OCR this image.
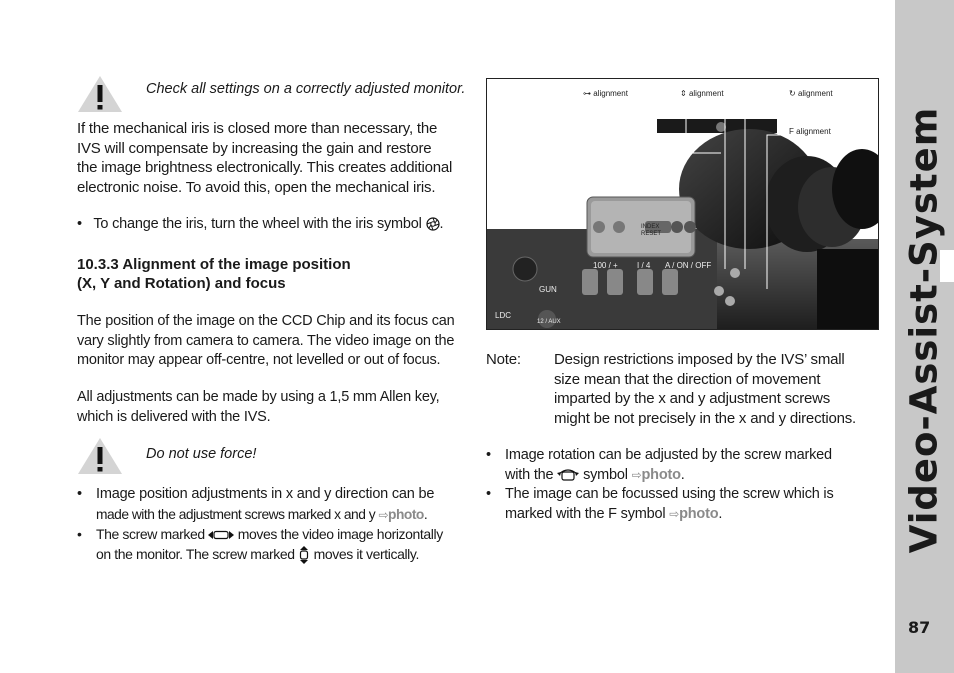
Check all settings on a correctly adjusted monitor.
If the mechanical iris is closed more than necessary, the
IVS will compensate by increasing the gain and restore
the image brightness electronically. This creates additional
electronic noise. To avoid this, open the mechanical iris.
•   To change the iris, turn the wheel with the iris symbol .
10.3.3 Alignment of the image position
(X, Y and Rotation) and focus
The position of the image on the CCD Chip and its focus can
vary slightly from camera to camera. The video image on the
monitor may appear off-centre, not levelled or out of focus.
All adjustments can be made by using a 1,5 mm Allen key,
which is delivered with the IVS.
Do not use force!
• Image position adjustments in x and y direction can be
made with the adjustment screws marked x and y ⇨photo.
• The screw marked moves the video image horizontally
on the monitor. The screw marked moves it vertically.
⊶ alignment	⇕ alignment	↻ alignment
F alignment
100 / + I / 4 A / ON / OFF
GUN
INDEX
RESET
LDC
12 / AUX
Note: Design restrictions imposed by the IVS’ small
size mean that the direction of movement
imparted by the x and y adjustment screws
might be not precisely in the x and y directions.
• Image rotation can be adjusted by the screw marked
with the symbol ⇨photo.
• The image can be focussed using the screw which is
marked with the F symbol ⇨photo.	Video-Assist-System
87
